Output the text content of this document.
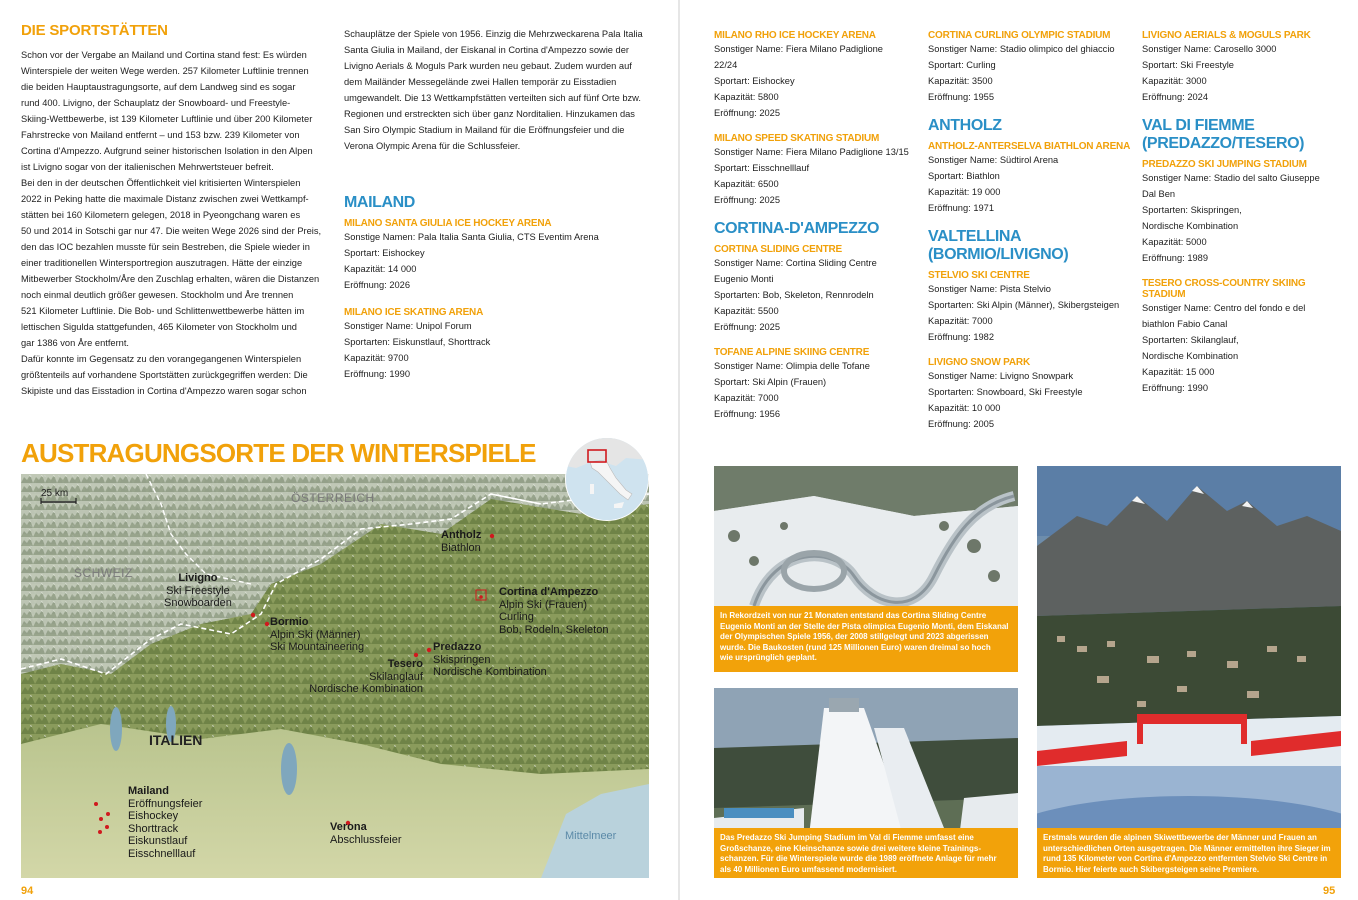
DIE SPORTSTÄTTEN
Schon vor der Vergabe an Mailand und Cortina stand fest: Es würden
Winterspiele der weiten Wege werden. 257 Kilometer Luftlinie trennen
die beiden Hauptaustragungsorte, auf dem Landweg sind es sogar
rund 400. Livigno, der Schauplatz der Snowboard- und Freestyle-
Skiing-Wettbewerbe, ist 139 Kilometer Luftlinie und über 200 Kilometer
Fahrstrecke von Mailand entfernt – und 153 bzw. 239 Kilometer von
Cortina d'Ampezzo. Aufgrund seiner historischen Isolation in den Alpen
ist Livigno sogar von der italienischen Mehrwertsteuer befreit.
Bei den in der deutschen Öffentlichkeit viel kritisierten Winterspielen
2022 in Peking hatte die maximale Distanz zwischen zwei Wettkampf-
stätten bei 160 Kilometern gelegen, 2018 in Pyeongchang waren es
50 und 2014 in Sotschi gar nur 47. Die weiten Wege 2026 sind der Preis,
den das IOC bezahlen musste für sein Bestreben, die Spiele wieder in
einer traditionellen Wintersportregion auszutragen. Hätte der einzige
Mitbewerber Stockholm/Åre den Zuschlag erhalten, wären die Distanzen
noch einmal deutlich größer gewesen. Stockholm und Åre trennen
521 Kilometer Luftlinie. Die Bob- und Schlittenwettbewerbe hätten im
lettischen Sigulda stattgefunden, 465 Kilometer von Stockholm und
gar 1386 von Åre entfernt.
Dafür konnte im Gegensatz zu den vorangegangenen Winterspielen
größtenteils auf vorhandene Sportstätten zurückgegriffen werden: Die
Skipiste und das Eisstadion in Cortina d'Ampezzo waren sogar schon
Schauplätze der Spiele von 1956. Einzig die Mehrzweckarena Pala Italia
Santa Giulia in Mailand, der Eiskanal in Cortina d'Ampezzo sowie der
Livigno Aerials & Moguls Park wurden neu gebaut. Zudem wurden auf
dem Mailänder Messegelände zwei Hallen temporär zu Eisstadien
umgewandelt. Die 13 Wettkampfstätten verteilten sich auf fünf Orte bzw.
Regionen und erstreckten sich über ganz Norditalien. Hinzukamen das
San Siro Olympic Stadium in Mailand für die Eröffnungsfeier und die
Verona Olympic Arena für die Schlussfeier.
MAILAND
MILANO SANTA GIULIA ICE HOCKEY ARENA
Sonstige Namen: Pala Italia Santa Giulia, CTS Eventim Arena
Sportart: Eishockey
Kapazität: 14 000
Eröffnung: 2026
MILANO ICE SKATING ARENA
Sonstiger Name: Unipol Forum
Sportarten: Eiskunstlauf, Shorttrack
Kapazität: 9700
Eröffnung: 1990
AUSTRAGUNGSORTE DER WINTERSPIELE
25 km	ÖSTERREICH
SCHWEIZ
ITALIEN
Mittelmeer
Antholz
Biathlon
Livigno
Ski Freestyle
Snowboarden
Cortina d'Ampezzo
Alpin Ski (Frauen)
Curling
Bob, Rodeln, Skeleton
Bormio
Alpin Ski (Männer)
Ski Mountaineering	Predazzo
Skispringen
Nordische Kombination
Tesero
Skilanglauf
Nordische Kombination
Mailand
Eröffnungsfeier
Eishockey
Shorttrack
Eiskunstlauf
Eisschnelllauf
Verona
Abschlussfeier
94
MILANO RHO ICE HOCKEY ARENA
Sonstiger Name: Fiera Milano Padiglione
22/24
Sportart: Eishockey
Kapazität: 5800
Eröffnung: 2025
MILANO SPEED SKATING STADIUM
Sonstiger Name: Fiera Milano Padiglione 13/15
Sportart: Eisschnelllauf
Kapazität: 6500
Eröffnung: 2025
CORTINA-D'AMPEZZO
CORTINA SLIDING CENTRE
Sonstiger Name: Cortina Sliding Centre
Eugenio Monti
Sportarten: Bob, Skeleton, Rennrodeln
Kapazität: 5500
Eröffnung: 2025
TOFANE ALPINE SKIING CENTRE
Sonstiger Name: Olimpia delle Tofane
Sportart: Ski Alpin (Frauen)
Kapazität: 7000
Eröffnung: 1956
CORTINA CURLING OLYMPIC STADIUM
Sonstiger Name: Stadio olimpico del ghiaccio
Sportart: Curling
Kapazität: 3500
Eröffnung: 1955
ANTHOLZ
ANTHOLZ-ANTERSELVA BIATHLON ARENA
Sonstiger Name: Südtirol Arena
Sportart: Biathlon
Kapazität: 19 000
Eröffnung: 1971
VALTELLINA (BORMIO/LIVIGNO)
STELVIO SKI CENTRE
Sonstiger Name: Pista Stelvio
Sportarten: Ski Alpin (Männer), Skibergsteigen
Kapazität: 7000
Eröffnung: 1982
LIVIGNO SNOW PARK
Sonstiger Name: Livigno Snowpark
Sportarten: Snowboard, Ski Freestyle
Kapazität: 10 000
Eröffnung: 2005
LIVIGNO AERIALS & MOGULS PARK
Sonstiger Name: Carosello 3000
Sportart: Ski Freestyle
Kapazität: 3000
Eröffnung: 2024
VAL DI FIEMME (PREDAZZO/TESERO)
PREDAZZO SKI JUMPING STADIUM
Sonstiger Name: Stadio del salto Giuseppe
Dal Ben
Sportarten: Skispringen,
Nordische Kombination
Kapazität: 5000
Eröffnung: 1989
TESERO CROSS-COUNTRY SKIING STADIUM
Sonstiger Name: Centro del fondo e del
biathlon Fabio Canal
Sportarten: Skilanglauf,
Nordische Kombination
Kapazität: 15 000
Eröffnung: 1990
In Rekordzeit von nur 21 Monaten entstand das Cortina Sliding Centre
Eugenio Monti an der Stelle der Pista olimpica Eugenio Monti, dem Eiskanal
der Olympischen Spiele 1956, der 2008 stillgelegt und 2023 abgerissen
wurde. Die Baukosten (rund 125 Millionen Euro) waren dreimal so hoch
wie ursprünglich geplant.
Das Predazzo Ski Jumping Stadium im Val di Fiemme umfasst eine
Großschanze, eine Kleinschanze sowie drei weitere kleine Trainings-
schanzen. Für die Winterspiele wurde die 1989 eröffnete Anlage für mehr
als 40 Millionen Euro umfassend modernisiert.
Erstmals wurden die alpinen Skiwettbewerbe der Männer und Frauen an
unterschiedlichen Orten ausgetragen. Die Männer ermittelten ihre Sieger im
rund 135 Kilometer von Cortina d'Ampezzo entfernten Stelvio Ski Centre in
Bormio. Hier feierte auch Skibergsteigen seine Premiere.
95
